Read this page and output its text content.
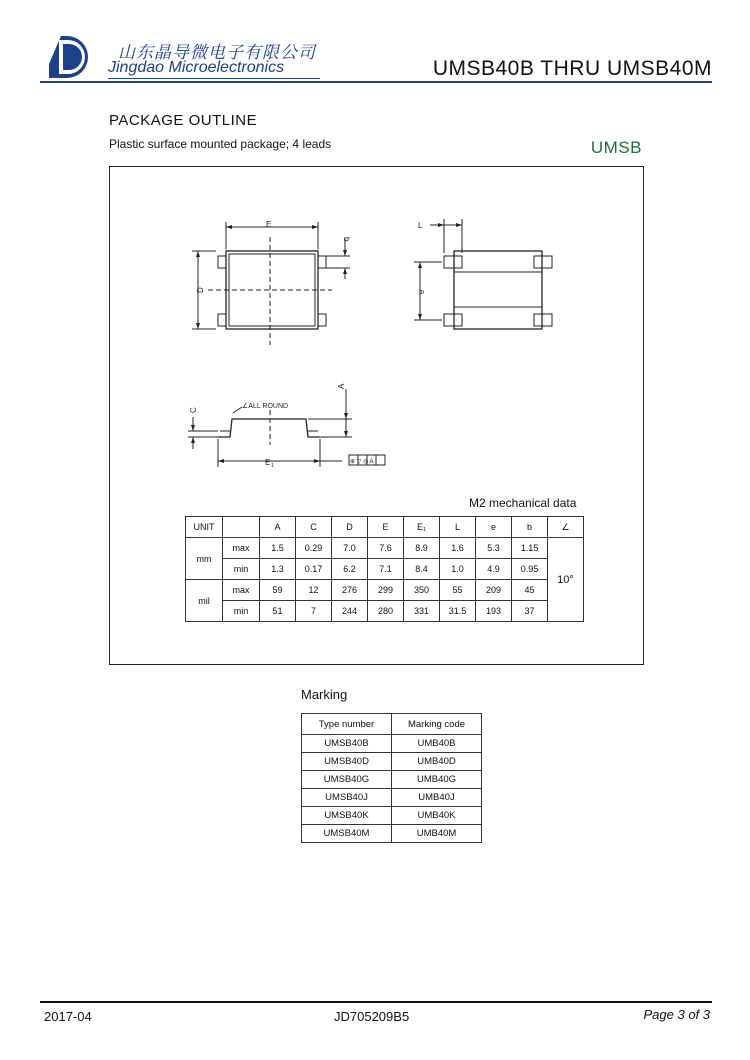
山东晶导微电子有限公司
Jingdao Microelectronics	UMSB40B THRU UMSB40M
PACKAGE OUTLINE
Plastic surface mounted package; 4 leads	UMSB
E
b
D
L
e
A
C
E 1
∠ALL ROUND
⊕ ▽ ◎ A
M2 mechanical data
UNIT		A	C	D	E	E₁	L	e	b	∠
mm	max	1.5	0.29	7.0	7.6	8.9	1.6	5.3	1.15	10°
	min	1.3	0.17	6.2	7.1	8.4	1.0	4.9	0.95	
mil	max	59	12	276	299	350	55	209	45	
	min	51	7	244	280	331	31.5	193	37	
Marking
Type number	Marking code
UMSB40B	UMB40B
UMSB40D	UMB40D
UMSB40G	UMB40G
UMSB40J	UMB40J
UMSB40K	UMB40K
UMSB40M	UMB40M
2017-04	JD705209B5	Page 3 of 3
